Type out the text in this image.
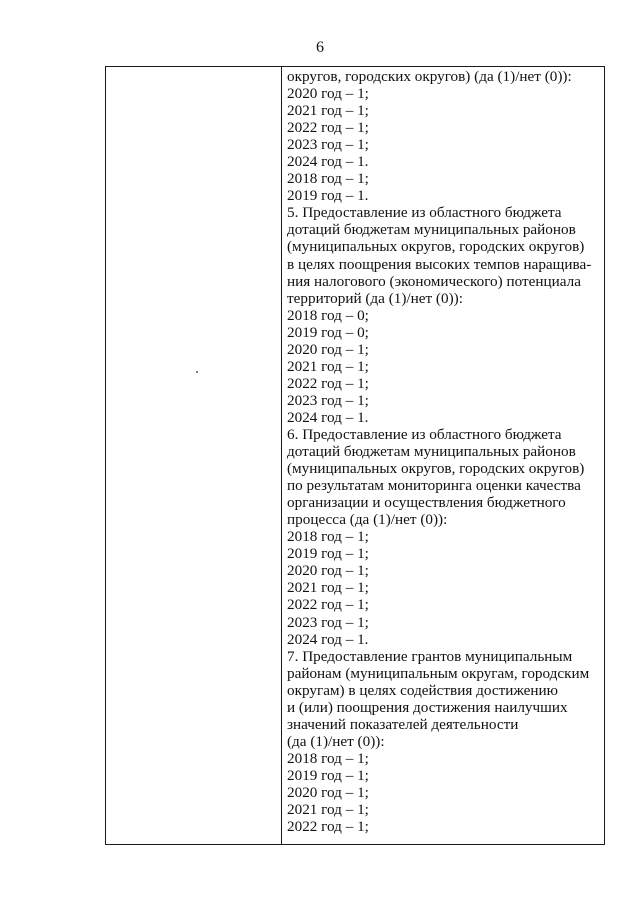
6
округов, городских округов) (да (1)/нет (0)):
2020 год – 1;
2021 год – 1;
2022 год – 1;
2023 год – 1;
2024 год – 1.
2018 год – 1;
2019 год – 1.
5. Предоставление из областного бюджета
дотаций бюджетам муниципальных районов
(муниципальных округов, городских округов)
в целях поощрения высоких темпов наращива-
ния налогового (экономического) потенциала
территорий (да (1)/нет (0)):
2018 год – 0;
2019 год – 0;
2020 год – 1;
2021 год – 1;
2022 год – 1;
2023 год – 1;
2024 год – 1.
6. Предоставление из областного бюджета
дотаций бюджетам муниципальных районов
(муниципальных округов, городских округов)
по результатам мониторинга оценки качества
организации и осуществления бюджетного
процесса (да (1)/нет (0)):
2018 год – 1;
2019 год – 1;
2020 год – 1;
2021 год – 1;
2022 год – 1;
2023 год – 1;
2024 год – 1.
7. Предоставление грантов муниципальным
районам (муниципальным округам, городским
округам) в целях содействия достижению
и (или) поощрения достижения наилучших
значений показателей деятельности
(да (1)/нет (0)):
2018 год – 1;
2019 год – 1;
2020 год – 1;
2021 год – 1;
2022 год – 1;
